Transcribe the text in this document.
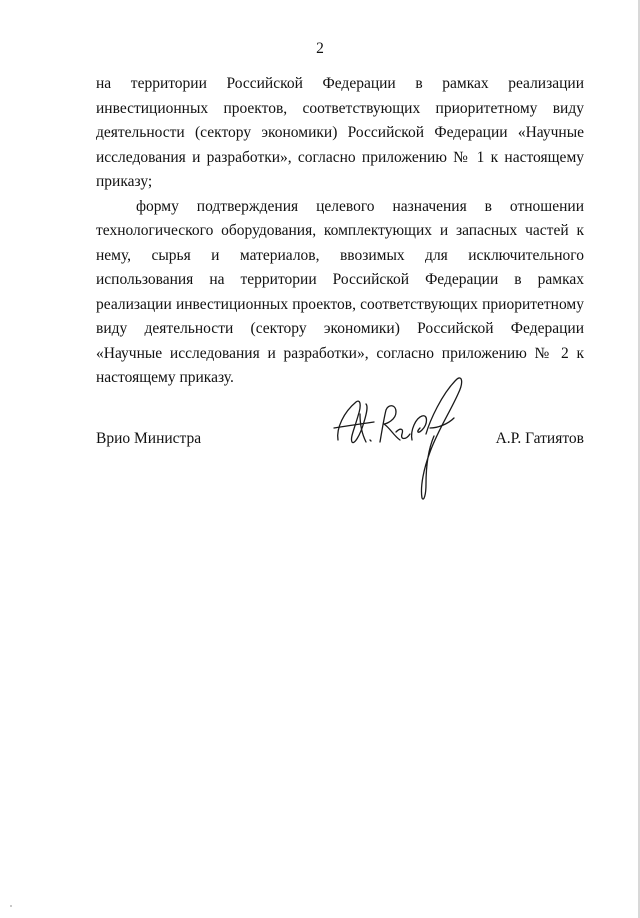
2

на территории Российской Федерации в рамках реализации инвестиционных проектов, соответствующих приоритетному виду деятельности (сектору экономики) Российской Федерации «Научные исследования и разработки», согласно приложению № 1 к настоящему приказу;

форму подтверждения целевого назначения в отношении технологического оборудования, комплектующих и запасных частей к нему, сырья и материалов, ввозимых для исключительного использования на территории Российской Федерации в рамках реализации инвестиционных проектов, соответствующих приоритетному виду деятельности (сектору экономики) Российской Федерации «Научные исследования и разработки», согласно приложению № 2 к настоящему приказу.

Врио Министра	А.Р. Гатиятов
